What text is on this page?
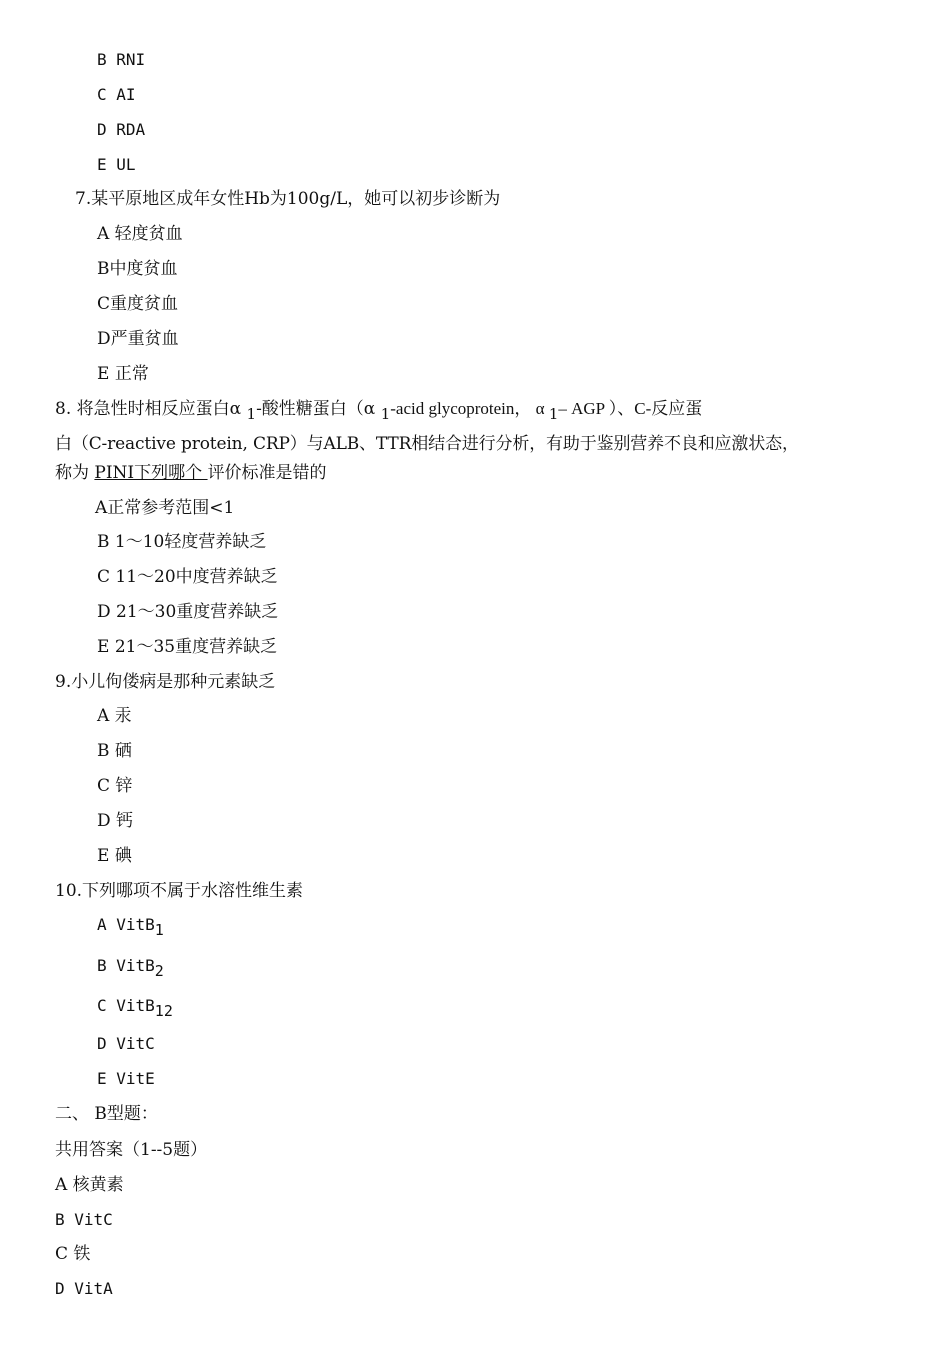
B RNI
C AI
D RDA
E UL
7.某平原地区成年女性Hb为100g/L，她可以初步诊断为
A 轻度贫血
B中度贫血
C重度贫血
D严重贫血
E 正常
8. 将急性时相反应蛋白α 1-酸性糖蛋白（α 1-acid glycoprotein， α 1– AGP ）、C-反应蛋
白（C-reactive protein, CRP）与ALB、TTR相结合进行分析，有助于鉴别营养不良和应激状态，
称为 PINI下列哪个 评价标准是错的
A正常参考范围<1
B 1～10轻度营养缺乏
C 11～20中度营养缺乏
D 21～30重度营养缺乏
E 21～35重度营养缺乏
9.小儿佝偻病是那种元素缺乏
A 汞
B 硒
C 锌
D 钙
E 碘
10.下列哪项不属于水溶性维生素
A VitB1
B VitB2
C VitB12
D VitC
E VitE
二、 B型题：
共用答案（1--5题）
A 核黄素
B VitC
C 铁
D VitA
